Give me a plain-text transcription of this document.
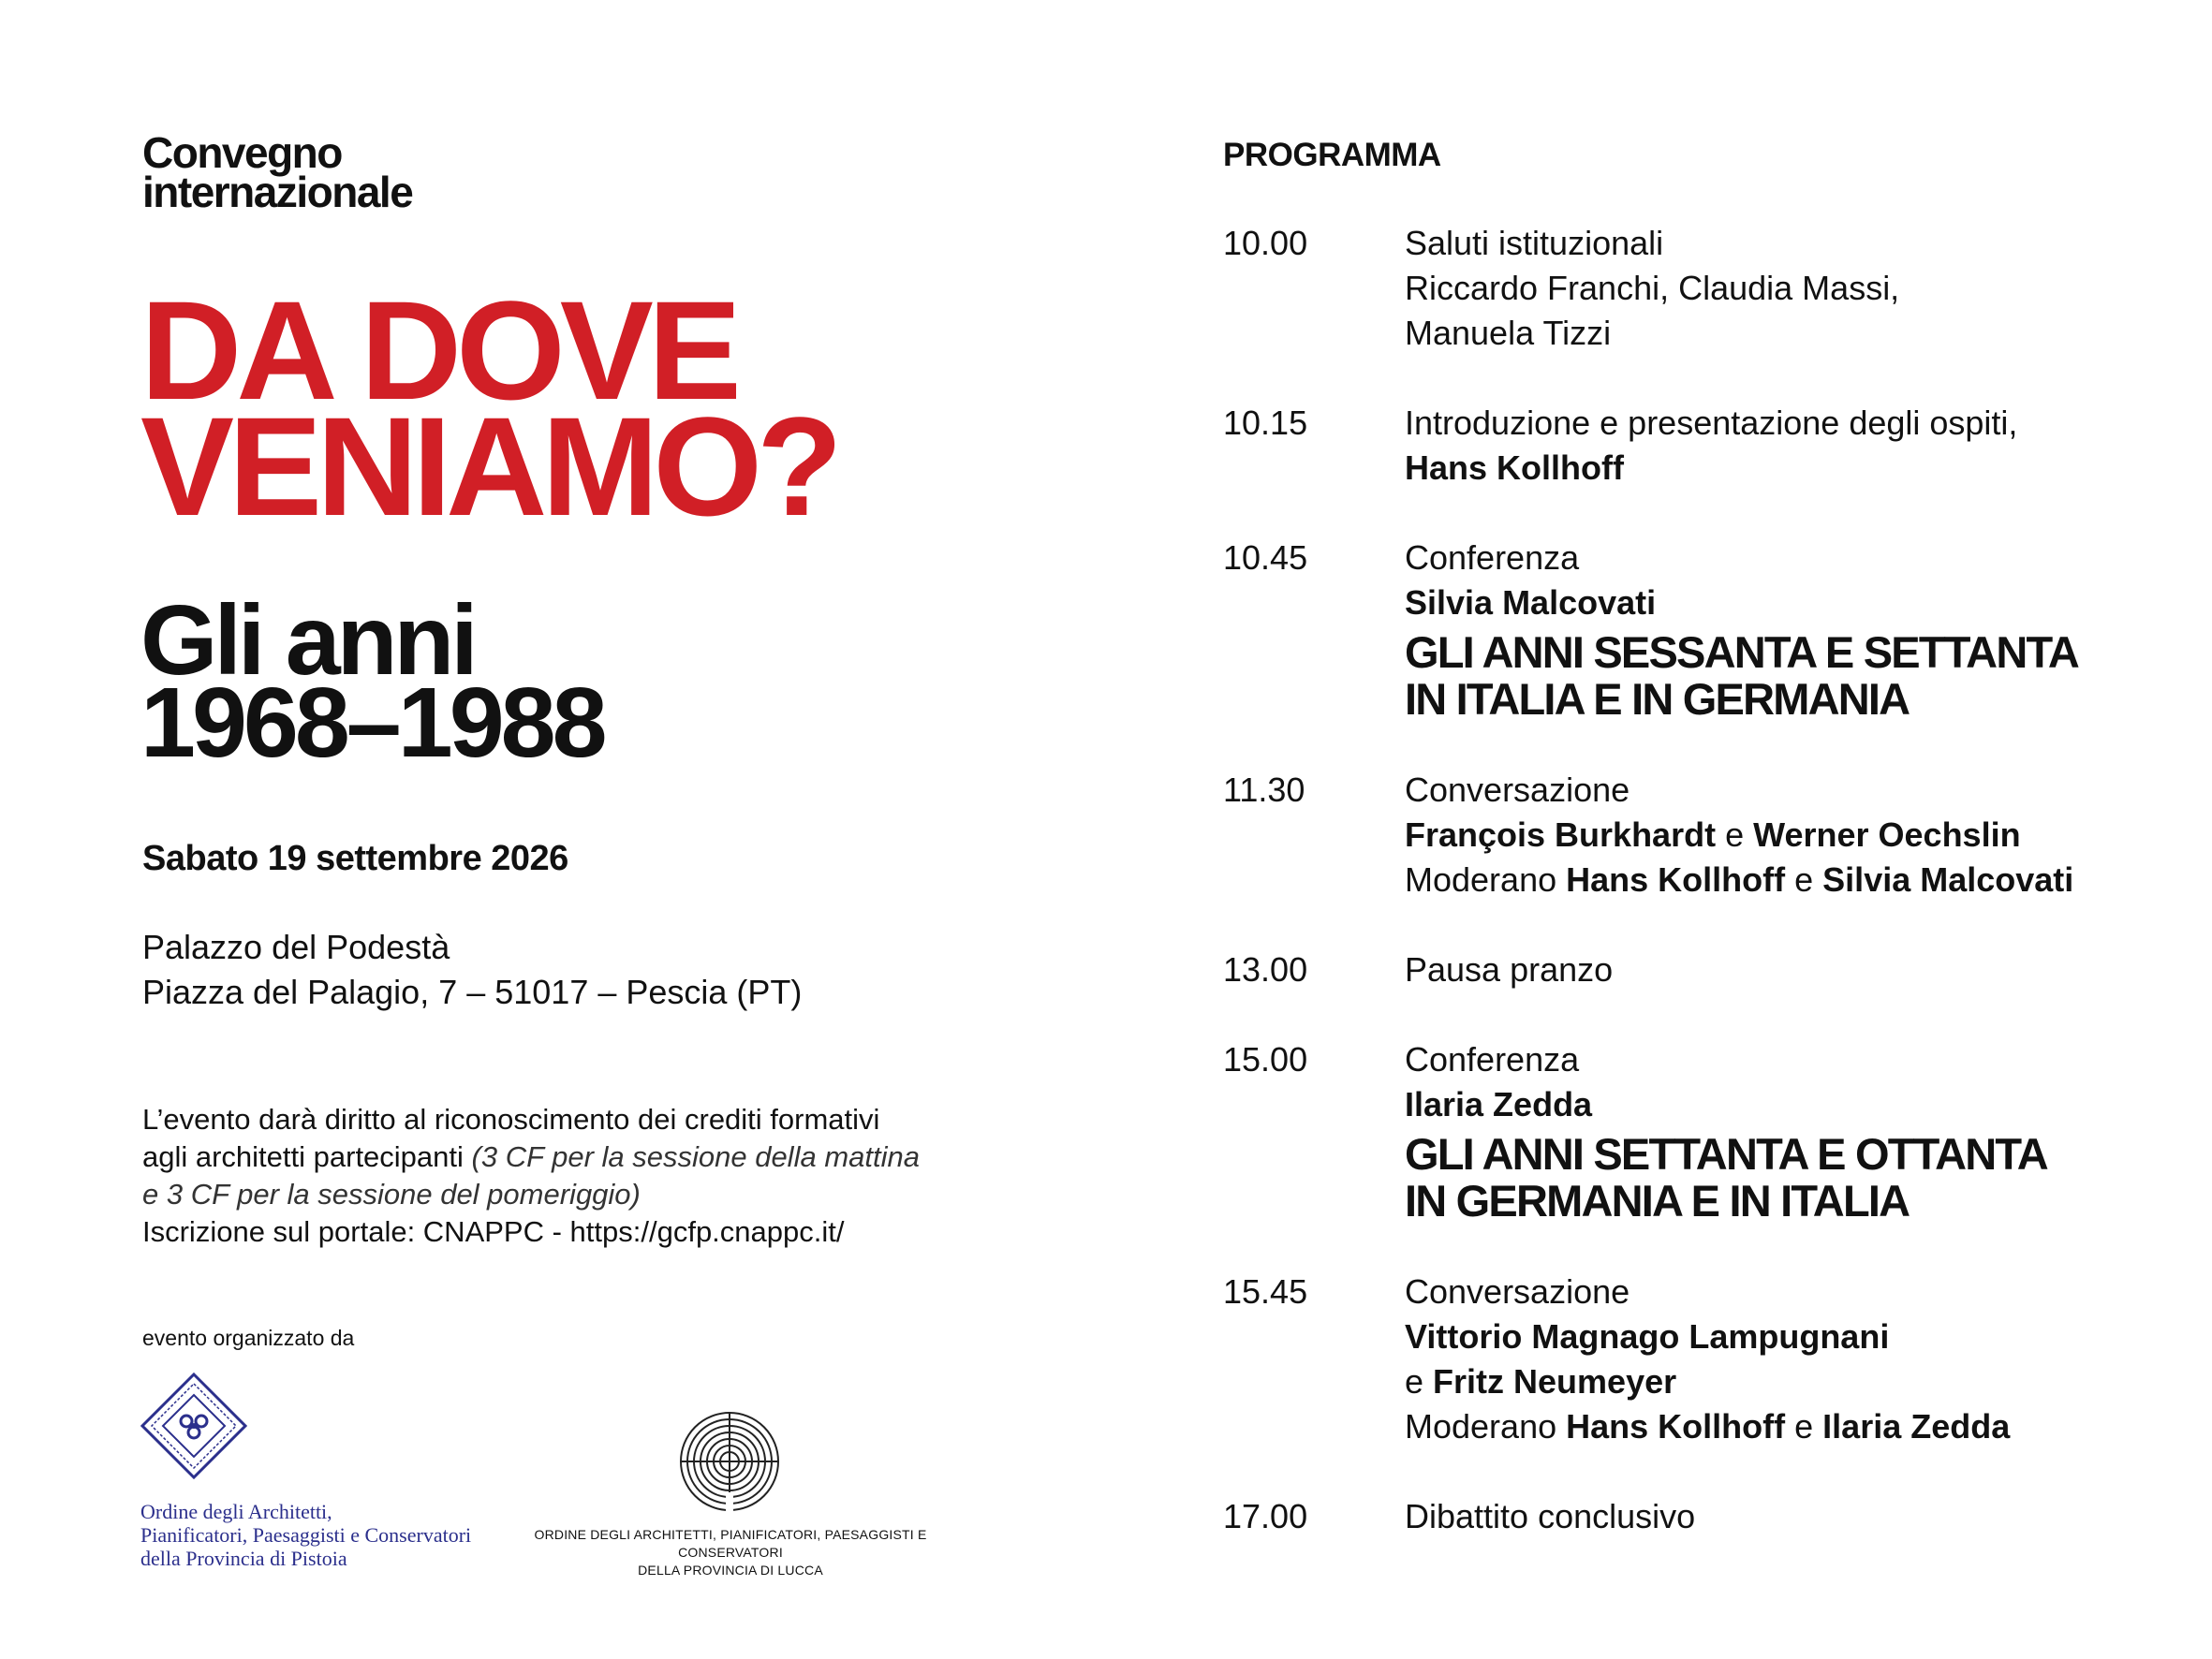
Convegno
internazionale
DA DOVE
VENIAMO?
Gli anni
1968–1988
Sabato 19 settembre 2026
Palazzo del Podestà
Piazza del Palagio, 7 – 51017 – Pescia (PT)
L’evento darà diritto al riconoscimento dei crediti formativi
agli architetti partecipanti (3 CF per la sessione della mattina
e 3 CF per la sessione del pomeriggio)
Iscrizione sul portale: CNAPPC - https://gcfp.cnappc.it/
evento organizzato da
Ordine degli Architetti,
Pianificatori, Paesaggisti e Conservatori
della Provincia di Pistoia
ORDINE DEGLI ARCHITETTI, PIANIFICATORI, PAESAGGISTI E CONSERVATORI
DELLA PROVINCIA DI LUCCA
PROGRAMMA
10.00	Saluti istituzionali
Riccardo Franchi, Claudia Massi,
Manuela Tizzi
10.15	Introduzione e presentazione degli ospiti,
Hans Kollhoff
10.45	Conferenza
Silvia Malcovati
GLI ANNI SESSANTA E SETTANTA
IN ITALIA E IN GERMANIA
11.30	Conversazione
François Burkhardt e Werner Oechslin
Moderano Hans Kollhoff e Silvia Malcovati
13.00	Pausa pranzo
15.00	Conferenza
Ilaria Zedda
GLI ANNI SETTANTA E OTTANTA
IN GERMANIA E IN ITALIA
15.45	Conversazione
Vittorio Magnago Lampugnani
e Fritz Neumeyer
Moderano Hans Kollhoff e Ilaria Zedda
17.00	Dibattito conclusivo
